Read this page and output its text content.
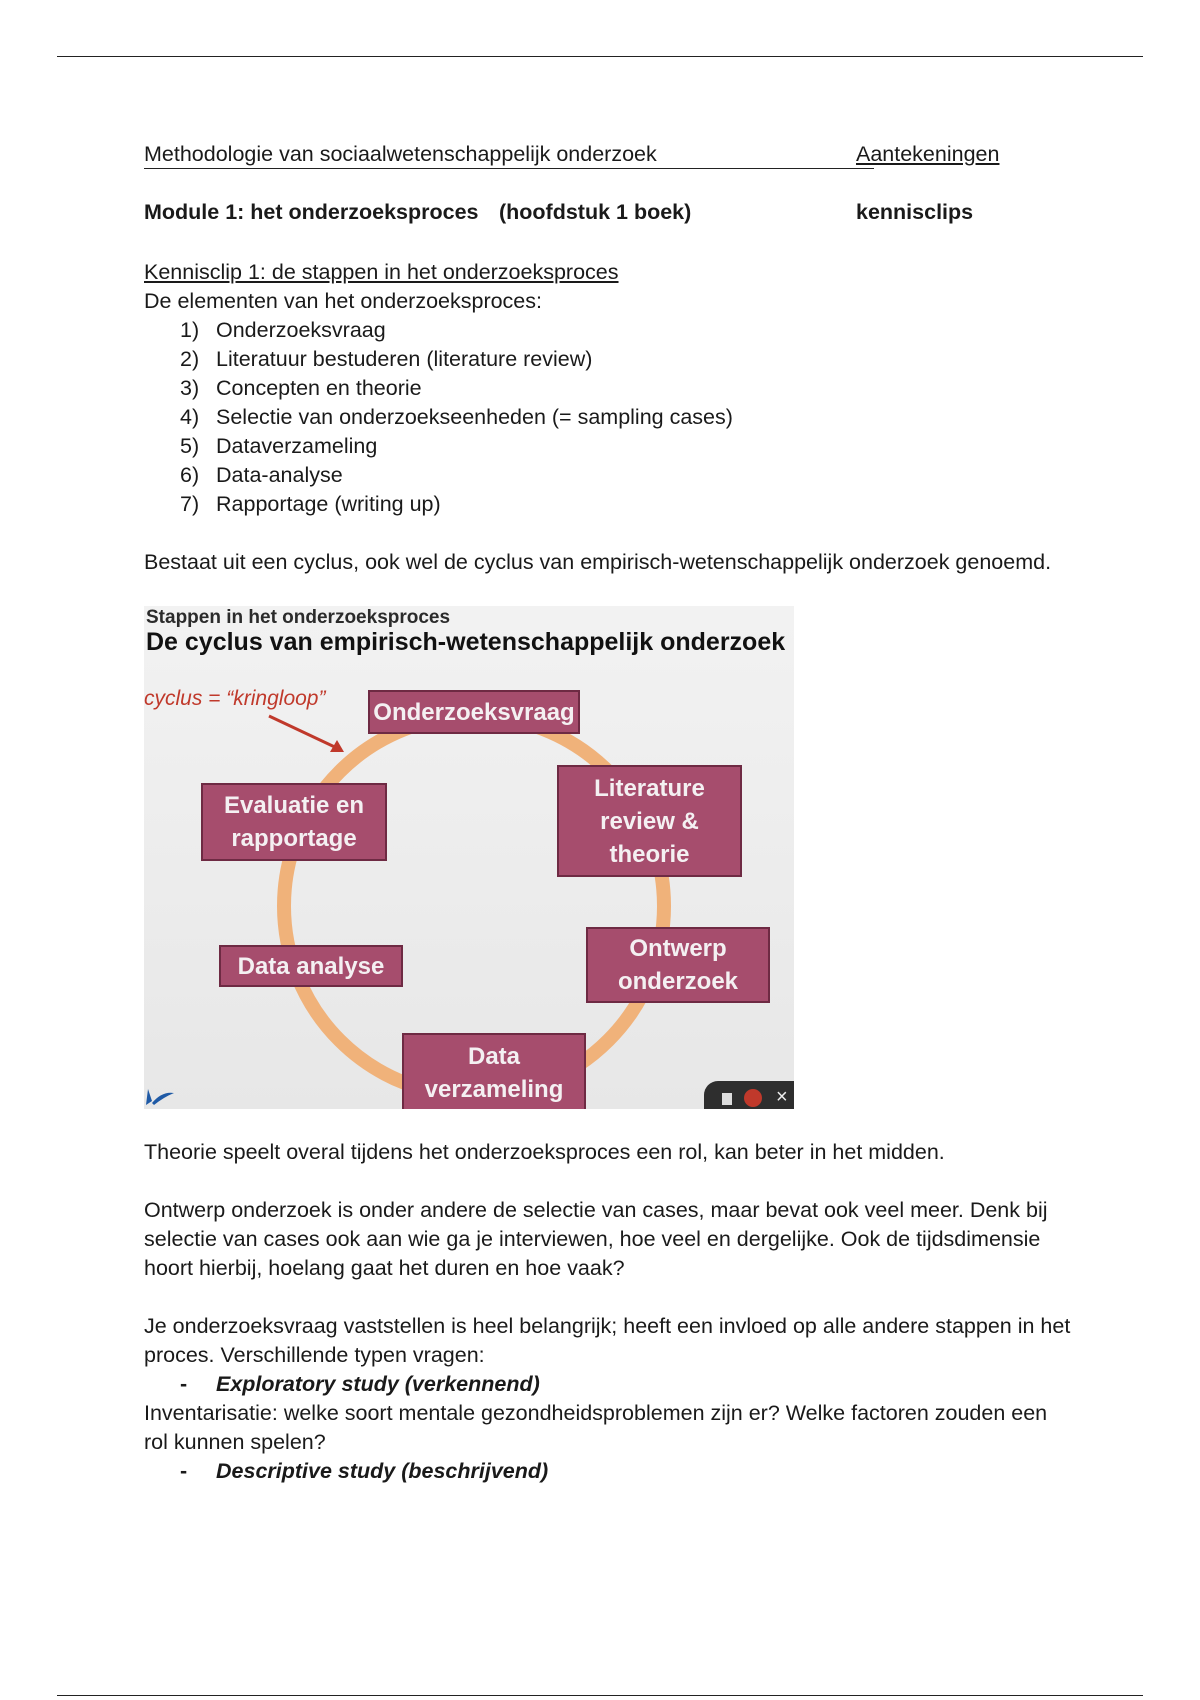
Methodologie van sociaalwetenschappelijk onderzoek	Aantekeningen
Module 1: het onderzoeksproces (hoofdstuk 1 boek)	kennisclips
Kennisclip 1: de stappen in het onderzoeksproces
De elementen van het onderzoeksproces:
1) Onderzoeksvraag
2) Literatuur bestuderen (literature review)
3) Concepten en theorie
4) Selectie van onderzoekseenheden (= sampling cases)
5) Dataverzameling
6) Data-analyse
7) Rapportage (writing up)

Bestaat uit een cyclus, ook wel de cyclus van empirisch-wetenschappelijk onderzoek genoemd.

Stappen in het onderzoeksproces
De cyclus van empirisch-wetenschappelijk onderzoek
cyclus = “kringloop” Onderzoeksvraag
Literature review & theorie
Ontwerp onderzoek
Data verzameling
Data analyse
Evaluatie en rapportage
×

Theorie speelt overal tijdens het onderzoeksproces een rol, kan beter in het midden.

Ontwerp onderzoek is onder andere de selectie van cases, maar bevat ook veel meer. Denk bij selectie van cases ook aan wie ga je interviewen, hoe veel en dergelijke. Ook de tijdsdimensie hoort hierbij, hoelang gaat het duren en hoe vaak?

Je onderzoeksvraag vaststellen is heel belangrijk; heeft een invloed op alle andere stappen in het proces. Verschillende typen vragen:

-	Exploratory study (verkennend)

Inventarisatie: welke soort mentale gezondheidsproblemen zijn er? Welke factoren zouden een rol kunnen spelen?

-	Descriptive study (beschrijvend)
